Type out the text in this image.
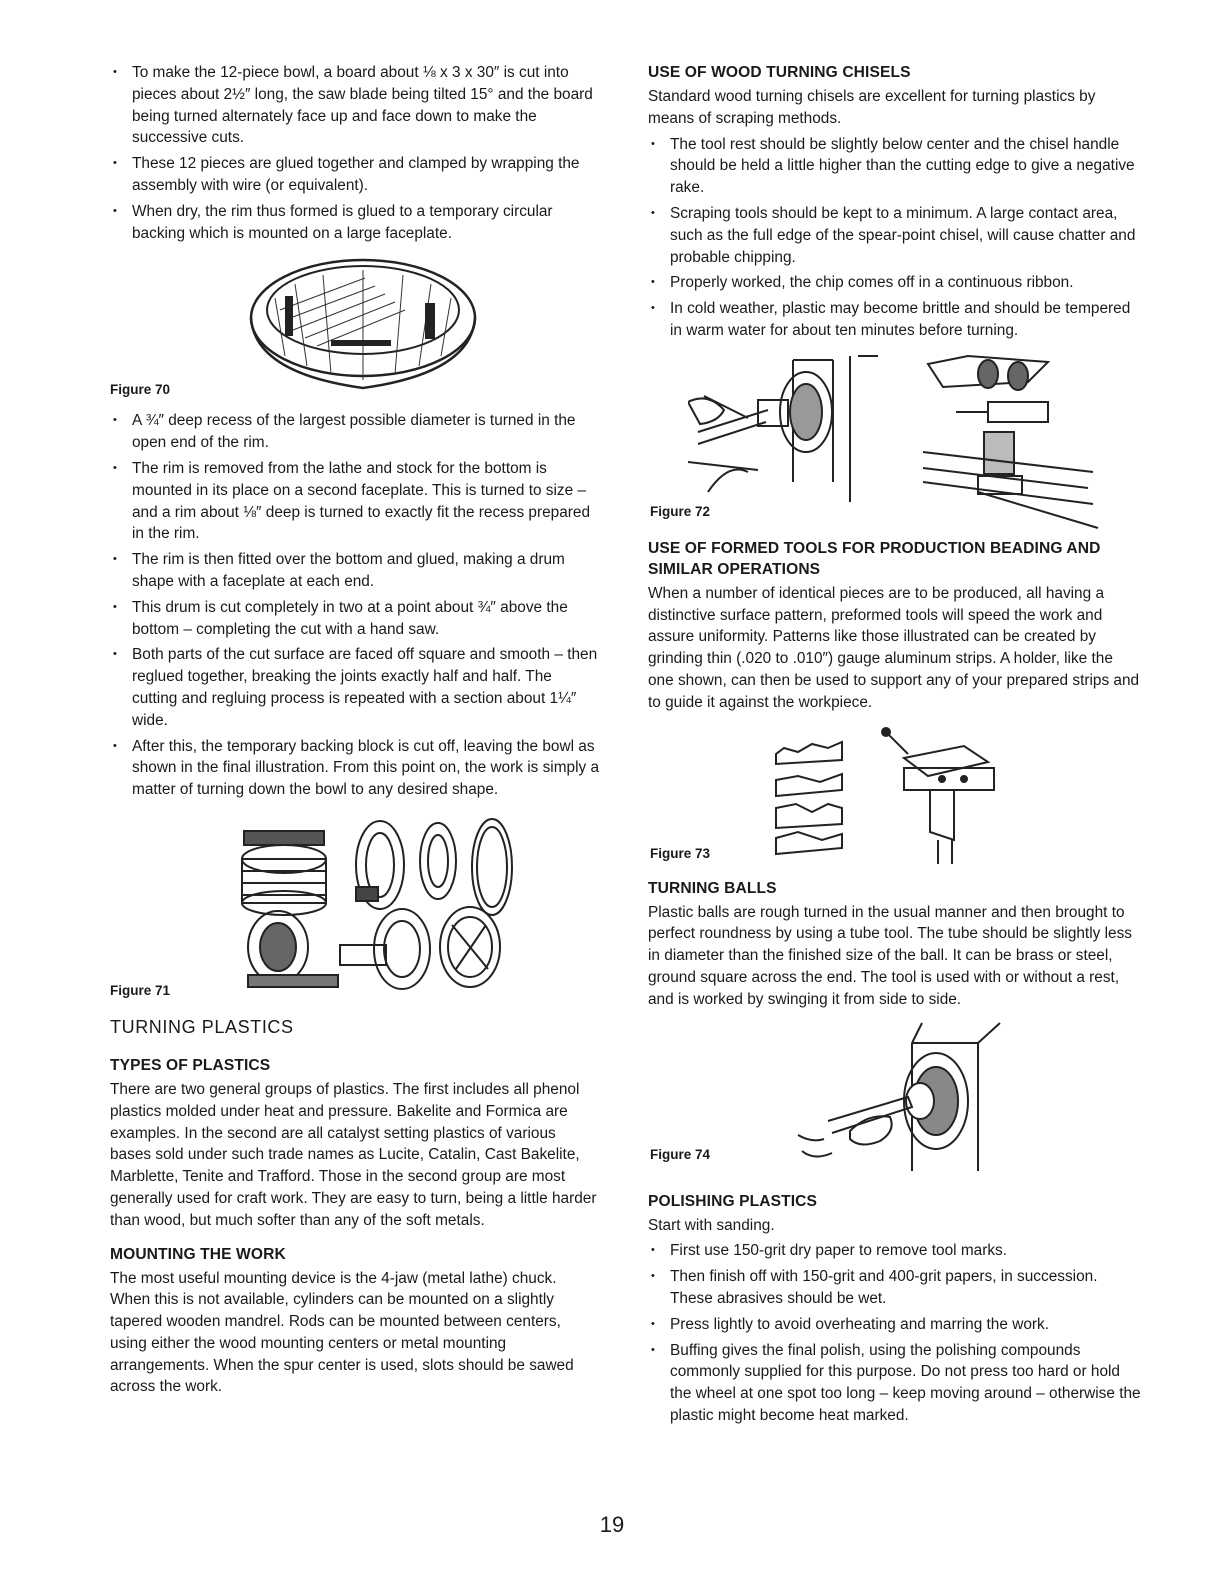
• To make the 12-piece bowl, a board about ⅛ x 3 x 30″ is cut into pieces about 2½″ long, the saw blade being tilted 15° and the board being turned alternately face up and face down to make the successive cuts.
• These 12 pieces are glued together and clamped by wrapping the assembly with wire (or equivalent).
• When dry, the rim thus formed is glued to a temporary circular backing which is mounted on a large faceplate.
Figure 70
• A ¾″ deep recess of the largest possible diameter is turned in the open end of the rim.
• The rim is removed from the lathe and stock for the bottom is mounted in its place on a second faceplate. This is turned to size – and a rim about ⅛″ deep is turned to exactly fit the recess prepared in the rim.
• The rim is then fitted over the bottom and glued, making a drum shape with a faceplate at each end.
• This drum is cut completely in two at a point about ¾″ above the bottom – completing the cut with a hand saw.
• Both parts of the cut surface are faced off square and smooth – then reglued together, breaking the joints exactly half and half. The cutting and regluing process is repeated with a section about 1¼″ wide.
• After this, the temporary backing block is cut off, leaving the bowl as shown in the final illustration. From this point on, the work is simply a matter of turning down the bowl to any desired shape.
Figure 71
TURNING PLASTICS
TYPES OF PLASTICS

There are two general groups of plastics. The first includes all phenol plastics molded under heat and pressure. Bakelite and Formica are examples. In the second are all catalyst setting plastics of various bases sold under such trade names as Lucite, Catalin, Cast Bakelite, Marblette, Tenite and Trafford. Those in the second group are most generally used for craft work. They are easy to turn, being a little harder than wood, but much softer than any of the soft metals.

MOUNTING THE WORK

The most useful mounting device is the 4-jaw (metal lathe) chuck. When this is not available, cylinders can be mounted on a slightly tapered wooden mandrel. Rods can be mounted between centers, using either the wood mounting centers or metal mounting arrangements. When the spur center is used, slots should be sawed across the work.

USE OF WOOD TURNING CHISELS

Standard wood turning chisels are excellent for turning plastics by means of scraping methods.

• The tool rest should be slightly below center and the chisel handle should be held a little higher than the cutting edge to give a negative rake.
• Scraping tools should be kept to a minimum. A large contact area, such as the full edge of the spear-point chisel, will cause chatter and probable chipping.
• Properly worked, the chip comes off in a continuous ribbon.
• In cold weather, plastic may become brittle and should be tempered in warm water for about ten minutes before turning.
Figure 72
USE OF FORMED TOOLS FOR PRODUCTION BEADING AND SIMILAR OPERATIONS

When a number of identical pieces are to be produced, all having a distinctive surface pattern, preformed tools will speed the work and assure uniformity. Patterns like those illustrated can be created by grinding thin (.020 to .010″) gauge aluminum strips. A holder, like the one shown, can then be used to support any of your prepared strips and to guide it against the workpiece.

Figure 73
TURNING BALLS

Plastic balls are rough turned in the usual manner and then brought to perfect roundness by using a tube tool. The tube should be slightly less in diameter than the finished size of the ball. It can be brass or steel, ground square across the end. The tool is used with or without a rest, and is worked by swinging it from side to side.

Figure 74
POLISHING PLASTICS

Start with sanding.

• First use 150-grit dry paper to remove tool marks.
• Then finish off with 150-grit and 400-grit papers, in succession. These abrasives should be wet.
• Press lightly to avoid overheating and marring the work.
• Buffing gives the final polish, using the polishing compounds commonly supplied for this purpose. Do not press too hard or hold the wheel at one spot too long – keep moving around – otherwise the plastic might become heat marked.
19
